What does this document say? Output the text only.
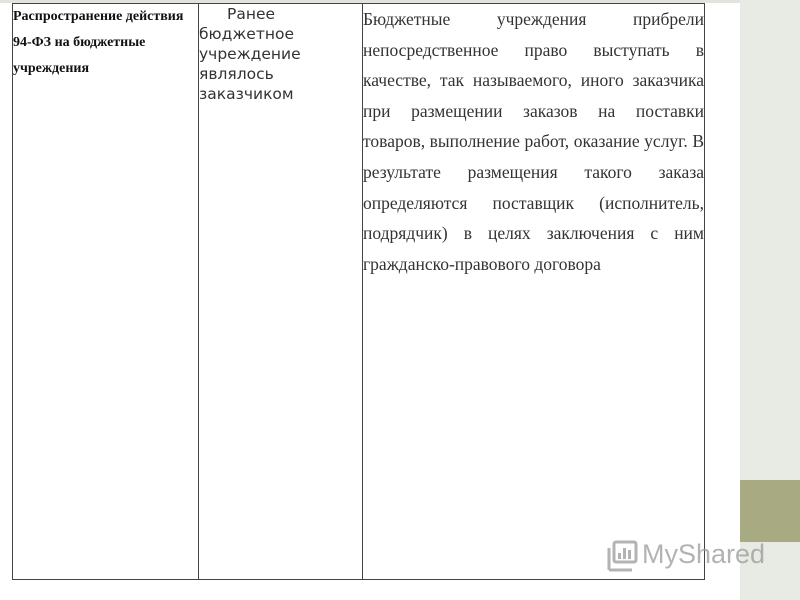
Распространение действия 94-ФЗ на бюджетные учреждения	Ранее бюджетное учреждение являлось заказчиком	Бюджетные учреждения прибрели непосредственное право выступать в качестве, так называемого, иного заказчика при размещении заказов на поставки товаров, выполнение работ, оказание услуг. В результате размещения такого заказа определяются поставщик (исполнитель, подрядчик) в целях заключения с ним гражданско-правового договора
MyShared
